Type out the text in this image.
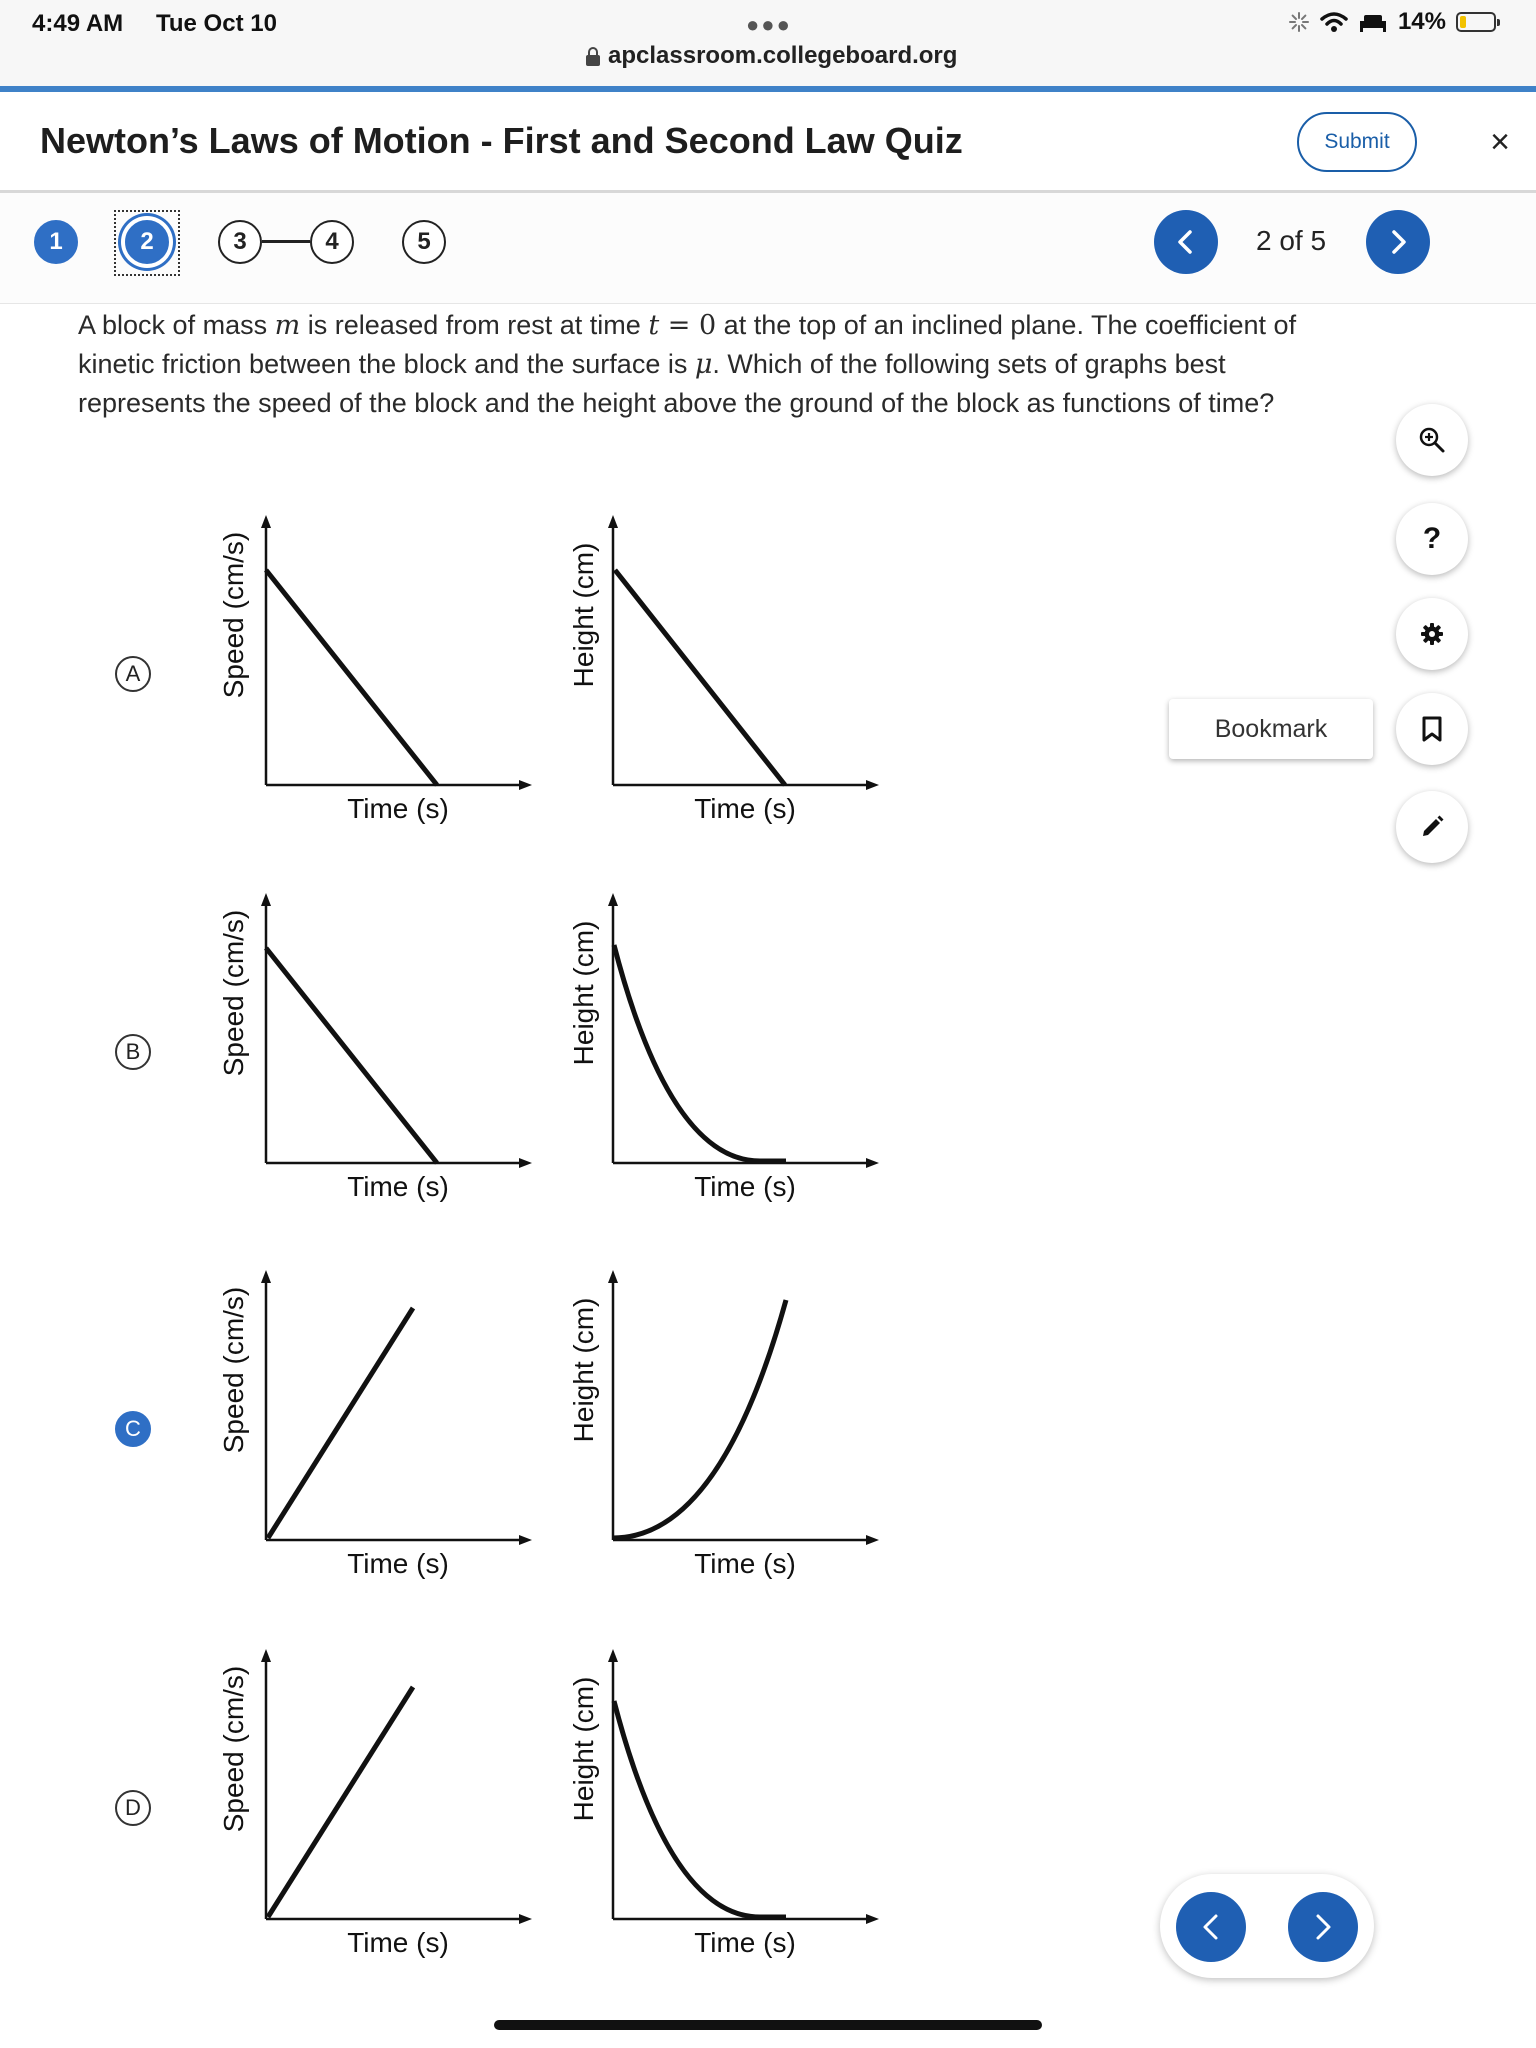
4:49 AM Tue Oct 10	●●●
apclassroom.collegeboard.org
14%
Newton’s Laws of Motion - First and Second Law Quiz	Submit	×
1	2	3	4	5	2 of 5
A block of mass m is released from rest at time t = 0 at the top of an inclined plane. The coefficient of kinetic friction between the block and the surface is μ. Which of the following sets of graphs best represents the speed of the block and the height above the ground of the block as functions of time?
A	Speed (cm/s)
Time (s)
Height (cm)
Time (s)
B	Speed (cm/s)
Time (s)
Height (cm)
Time (s)
C	Speed (cm/s)
Time (s)
Height (cm)
Time (s)
D	Speed (cm/s)
Time (s)
Height (cm)
Time (s)
?
Bookmark
